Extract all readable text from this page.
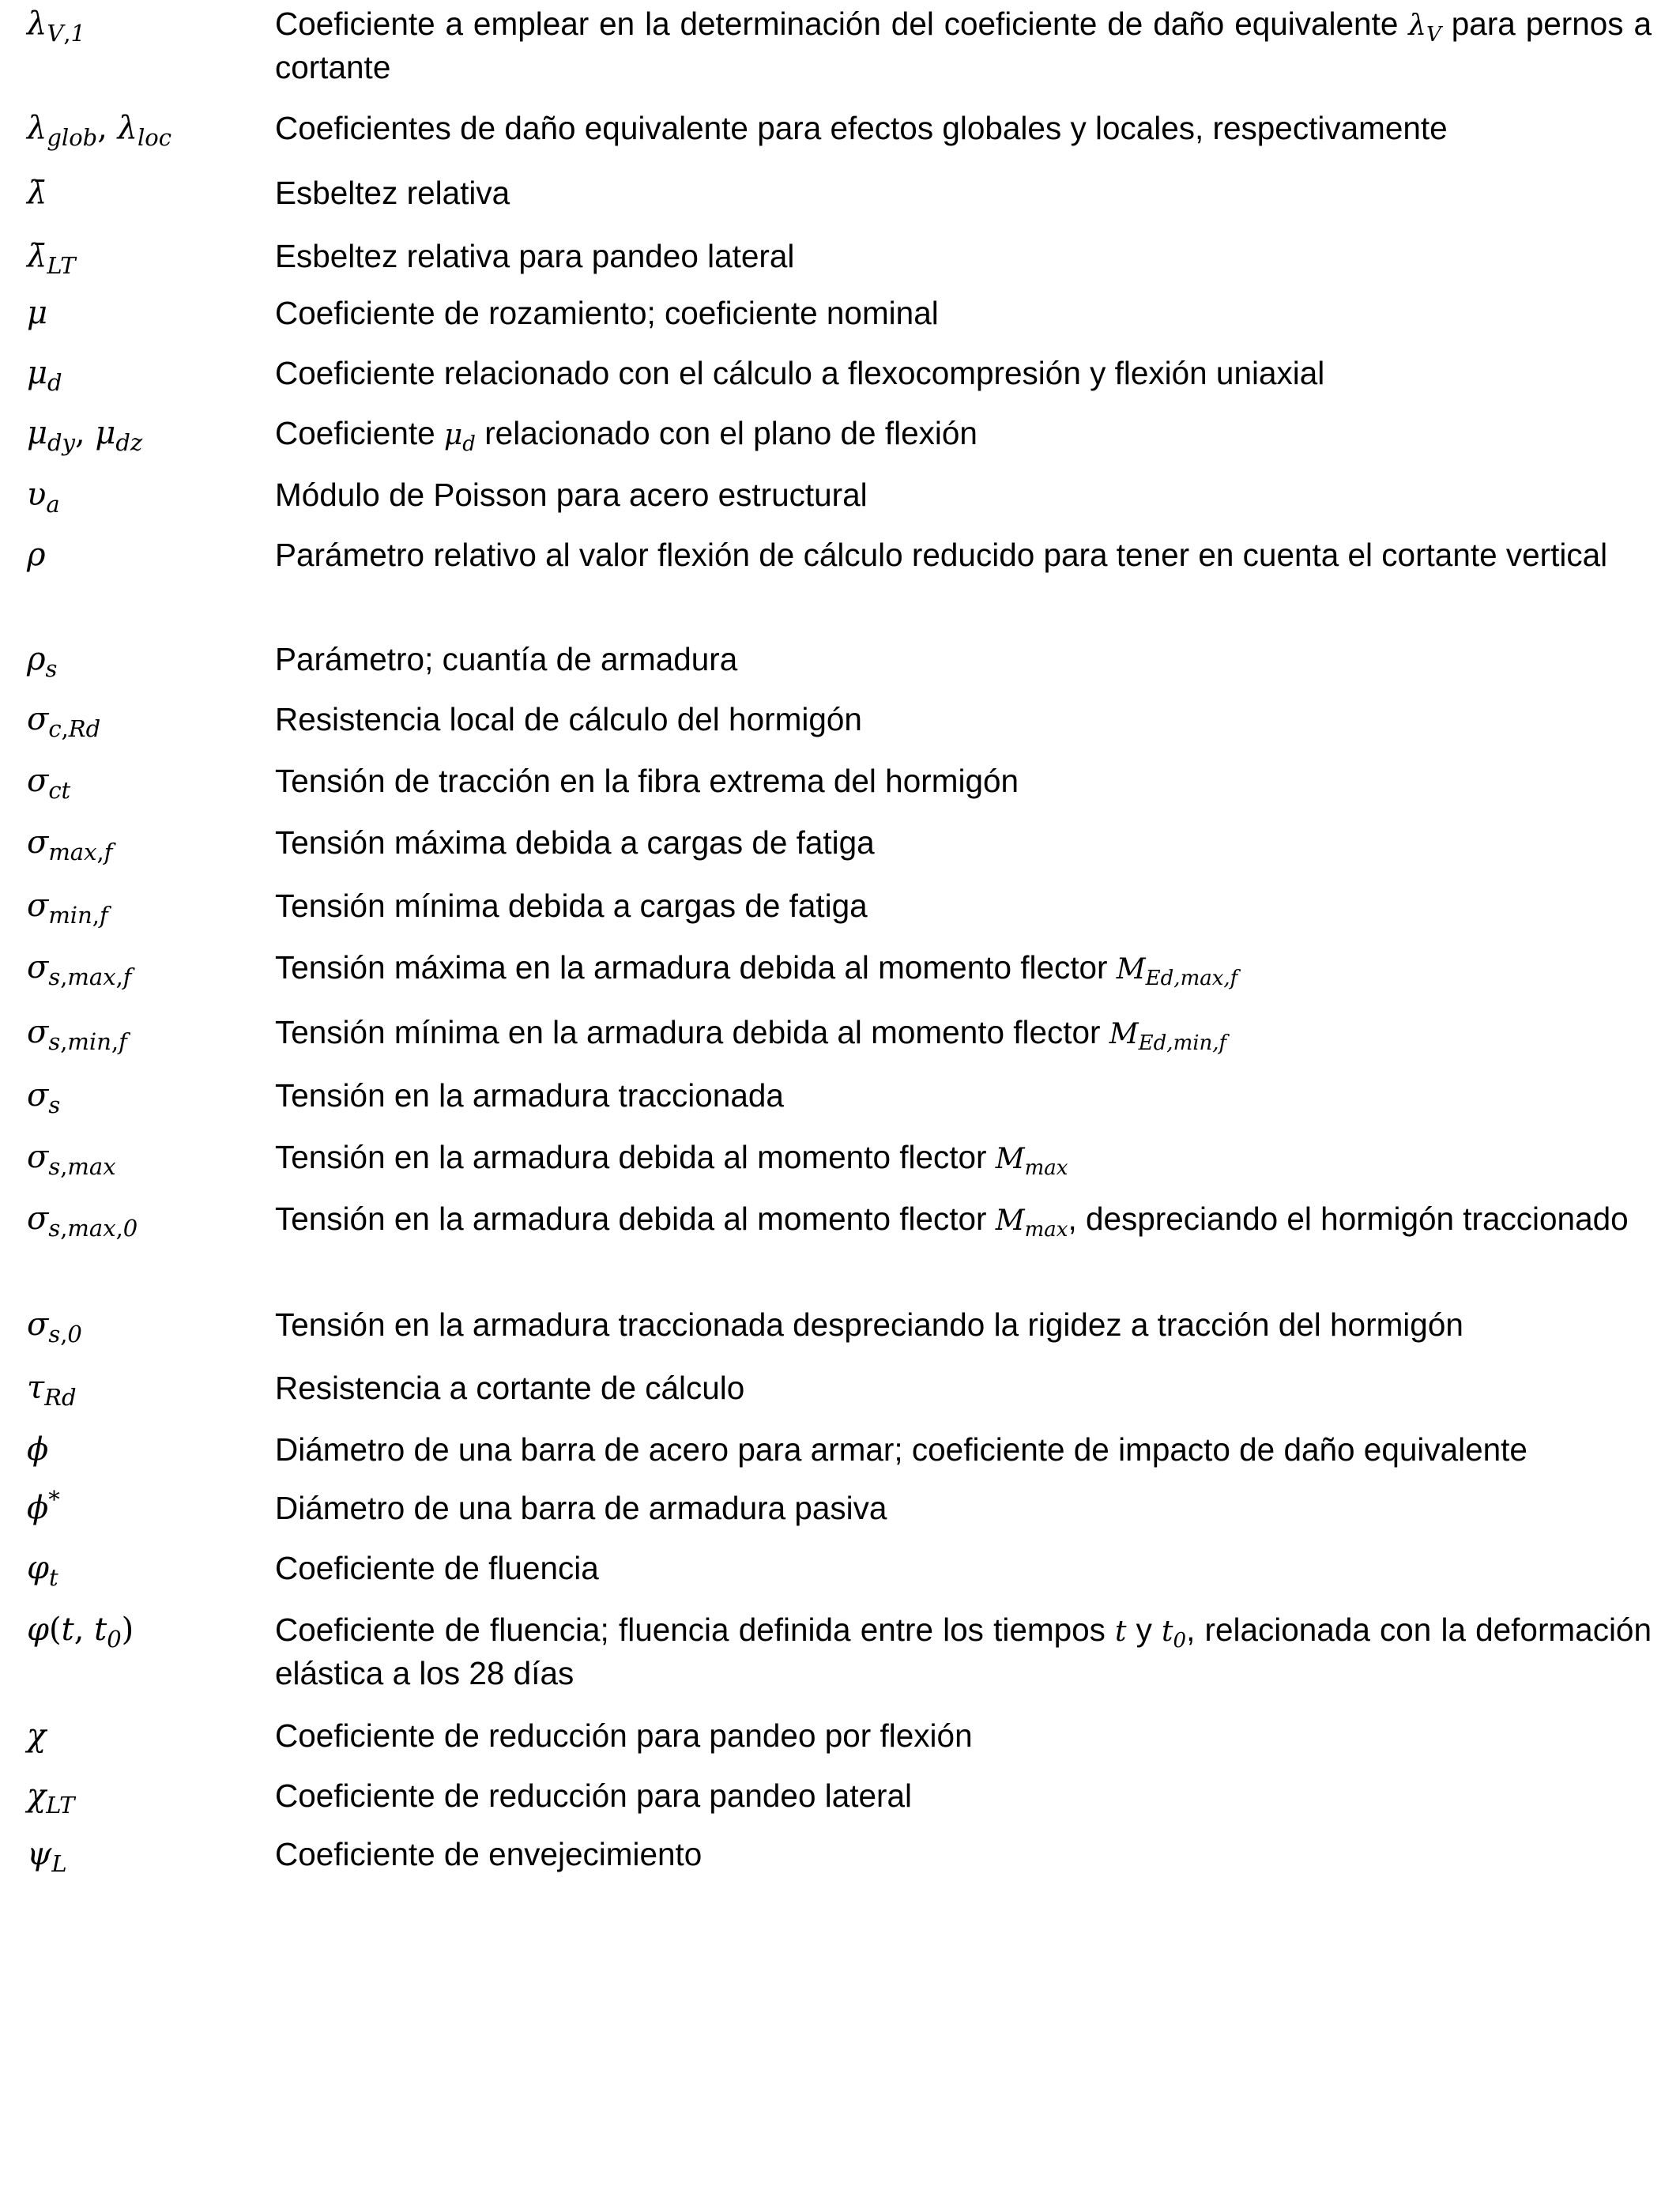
$\lambda_{V,1}$	Coeficiente a emplear en la determinación del coeficiente de daño equivalente $\lambda_V$ para pernos a cortante
$\lambda_{glob}$, $\lambda_{loc}$	Coeficientes de daño equivalente para efectos globales y locales, respectivamente
λ̄	Esbeltez relativa
$\lambdā_{LT}$	Esbeltez relativa para pandeo lateral
μ	Coeficiente de rozamiento; coeficiente nominal
$\mu_d$	Coeficiente relacionado con el cálculo a flexocompresión y flexión uniaxial
$\mu_{dy}$, $\mu_{dz}$	Coeficiente $\mu_d$ relacionado con el plano de flexión
$\upsilon_a$	Módulo de Poisson para acero estructural
ρ	Parámetro relativo al valor flexión de cálculo reducido para tener en cuenta el cortante vertical
$\rho_s$	Parámetro; cuantía de armadura
$\sigma_{c,Rd}$	Resistencia local de cálculo del hormigón
$\sigma_{ct}$	Tensión de tracción en la fibra extrema del hormigón
$\sigma_{max,f}$	Tensión máxima debida a cargas de fatiga
$\sigma_{min,f}$	Tensión mínima debida a cargas de fatiga
$\sigma_{s,max,f}$	Tensión máxima en la armadura debida al momento flector $M_{Ed,max,f}$
$\sigma_{s,min,f}$	Tensión mínima en la armadura debida al momento flector $M_{Ed,min,f}$
$\sigma_s$	Tensión en la armadura traccionada
$\sigma_{s,max}$	Tensión en la armadura debida al momento flector $M_{max}$
$\sigma_{s,max,0}$	Tensión en la armadura debida al momento flector $M_{max}$, despreciando el hormigón traccionado
$\sigma_{s,0}$	Tensión en la armadura traccionada despreciando la rigidez a tracción del hormigón
$\tau_{Rd}$	Resistencia a cortante de cálculo
ϕ	Diámetro de una barra de acero para armar; coeficiente de impacto de daño equivalente
ϕ*	Diámetro de una barra de armadura pasiva
$\varphi_t$	Coeficiente de fluencia
φ(t, $t_0$)	Coeficiente de fluencia; fluencia definida entre los tiempos t y $t_0$, relacionada con la deformación elástica a los 28 días
χ	Coeficiente de reducción para pandeo por flexión
$\chi_{LT}$	Coeficiente de reducción para pandeo lateral
$\psi_L$	Coeficiente de envejecimiento
